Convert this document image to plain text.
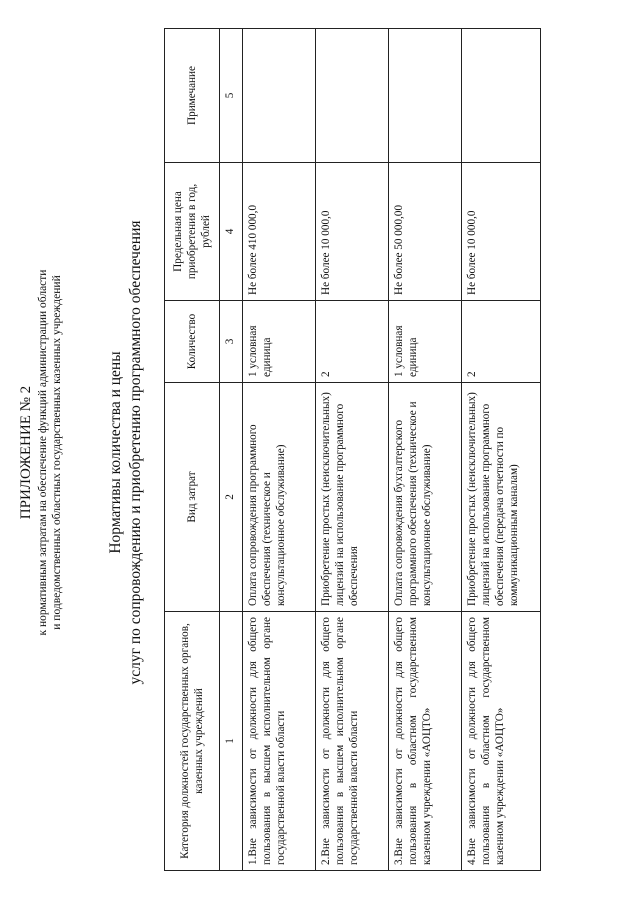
ПРИЛОЖЕНИЕ № 2 к нормативным затратам на обеспечение функций администрации области и подведомственных областных государственных казенных учреждений	Нормативы количества и цены услуг по сопровождению и приобретению программного обеспечения
Категория должностей государственных органов, казенных учреждений	Вид затрат	Количество	Предельная цена приобретения в год, рублей	Примечание
1	2	3	4	5
1.Вне зависимости от должности для общего пользования в высшем исполнительном органе государственной власти области	Оплата сопровождения программного обеспечения (техническое и консультационное обслуживание)	1 условная единица	Не более 410 000,0	
2.Вне зависимости от должности для общего пользования в высшем исполнительном органе государственной власти области	Приобретение простых (неисключительных) лицензий на использование программного обеспечения	2	Не более 10 000,0	
3.Вне зависимости от должности для общего пользования в областном государственном казенном учреждении «АОЦТО»	Оплата сопровождения бухгалтерского программного обеспечения (техническое и консультационное обслуживание)	1 условная единица	Не более 50 000,00	
4.Вне зависимости от должности для общего пользования в областном государственном казенном учреждении «АОЦТО»	Приобретение простых (неисключительных) лицензий на использование программного обеспечения (передача отчетности по коммуникационным каналам)	2	Не более 10 000,0	
